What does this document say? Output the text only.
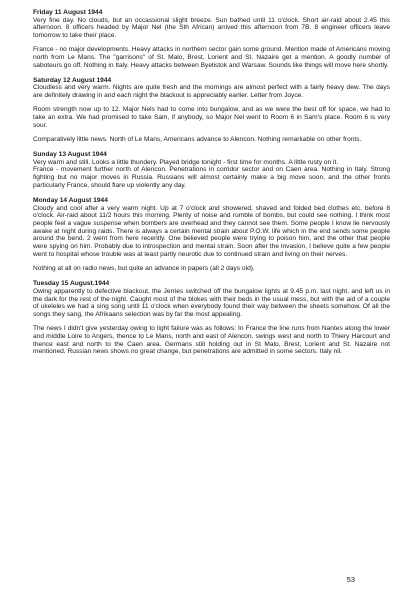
Friday 11 August 1944

Very fine day. No clouds, but an occassional slight breeze. Sun bathed until 11 o'clock. Short air-raid about 2.45 this afternoon. 8 officers headed by Major Nel (the Sth African) arrived this afternoon from 7B. 8 engineer officers leave tomorrow to take their place.

France - no major developments. Heavy attacks in northern sector gain some ground. Mention made of Americans moving north from Le Mans. The "garrisons" of St. Malo, Brest, Lorient and St. Nazaire get a mention. A goodly number of saboteurs go off. Nothing in Italy. Heavy attacks between Byelistok and Warsaw. Sounds like things will move here shortly.

Saturday 12 August 1944

Cloudless and very warm. Nights are quite fresh and the mornings are almost perfect with a fairly heavy dew. The days are definitely drawing in and each night the blackout is appreciably earlier. Letter from Joyce.

Room strength now up to 12. Major Nels had to come into bungalow, and as we were the best off for space, we had to take an extra. We had promised to take Sam, if anybody, so Major Nel went to Room 6 in Sam's place. Room 6 is very sour.

Comparatively little news. North of Le Mans, Americans advance to Alencon. Nothing remarkable on other fronts.

Sunday 13 August 1944

Very warm and still. Looks a little thundery. Played bridge tonight - first time for months. A little rusty on it.
France - movement further north of Alencon. Penetrations in corridor sector and on Caen area. Nothing in Italy. Strong fighting but no major moves in Russia. Russians will almost certainly make a big move soon, and the other fronts particularly France, should flare up violently any day.

Monday 14 August 1944

Cloudy and cool after a very warm night. Up at 7 o'clock and showered, shaved and folded bed clothes etc. before 8 o'clock. Air-raid about 11/2 hours this morning. Plenty of noise and rumble of bombs, but could see nothing. I think most people feel a vague suspense when bombers are overhead and they cannot see them. Some people I know lie nervously awake at night during raids. There is always a certain mental strain about P.O.W. life which in the end sends some people around the bend. 2 went from here recently. One believed people were trying to poison him, and the other that people were spying on him. Probably due to introspection and mental strain. Soon after the invasion, I believe quite a few people went to hospital whose trouble was at least partly neurotic due to continued strain and living on their nerves.

Nothing at all on radio news, but quite an advance in papers (all 2 days old).

Tuesday 15 August.1944

Owing apparently to defective blackout, the Jerries switched off the bungalow lights at 9.45 p.m. last night, and left us in the dark for the rest of the night. Caught most of the blokes with their beds in the usual mess, but with the aid of a couple of ukeleles we had a sing song until 11 o'clock when everybody found their way between the sheets somehow. Of all the songs they sang, the Afrikaans selection was by far the most appealing.

The news I didn't give yesterday owing to light failure was as follows: In France the line runs from Nantes along the lower and middle Loire to Angers, thence to Le Mans, north and east of Alencon, swings west and north to Thiery Harcourt and thence east and north to the Caen area. Germans still holding out in St Malo, Brest, Lorient and St. Nazaire not mentioned. Russian news shows no great change, but penetrations are admitted in some sectors. Italy nil.

53
